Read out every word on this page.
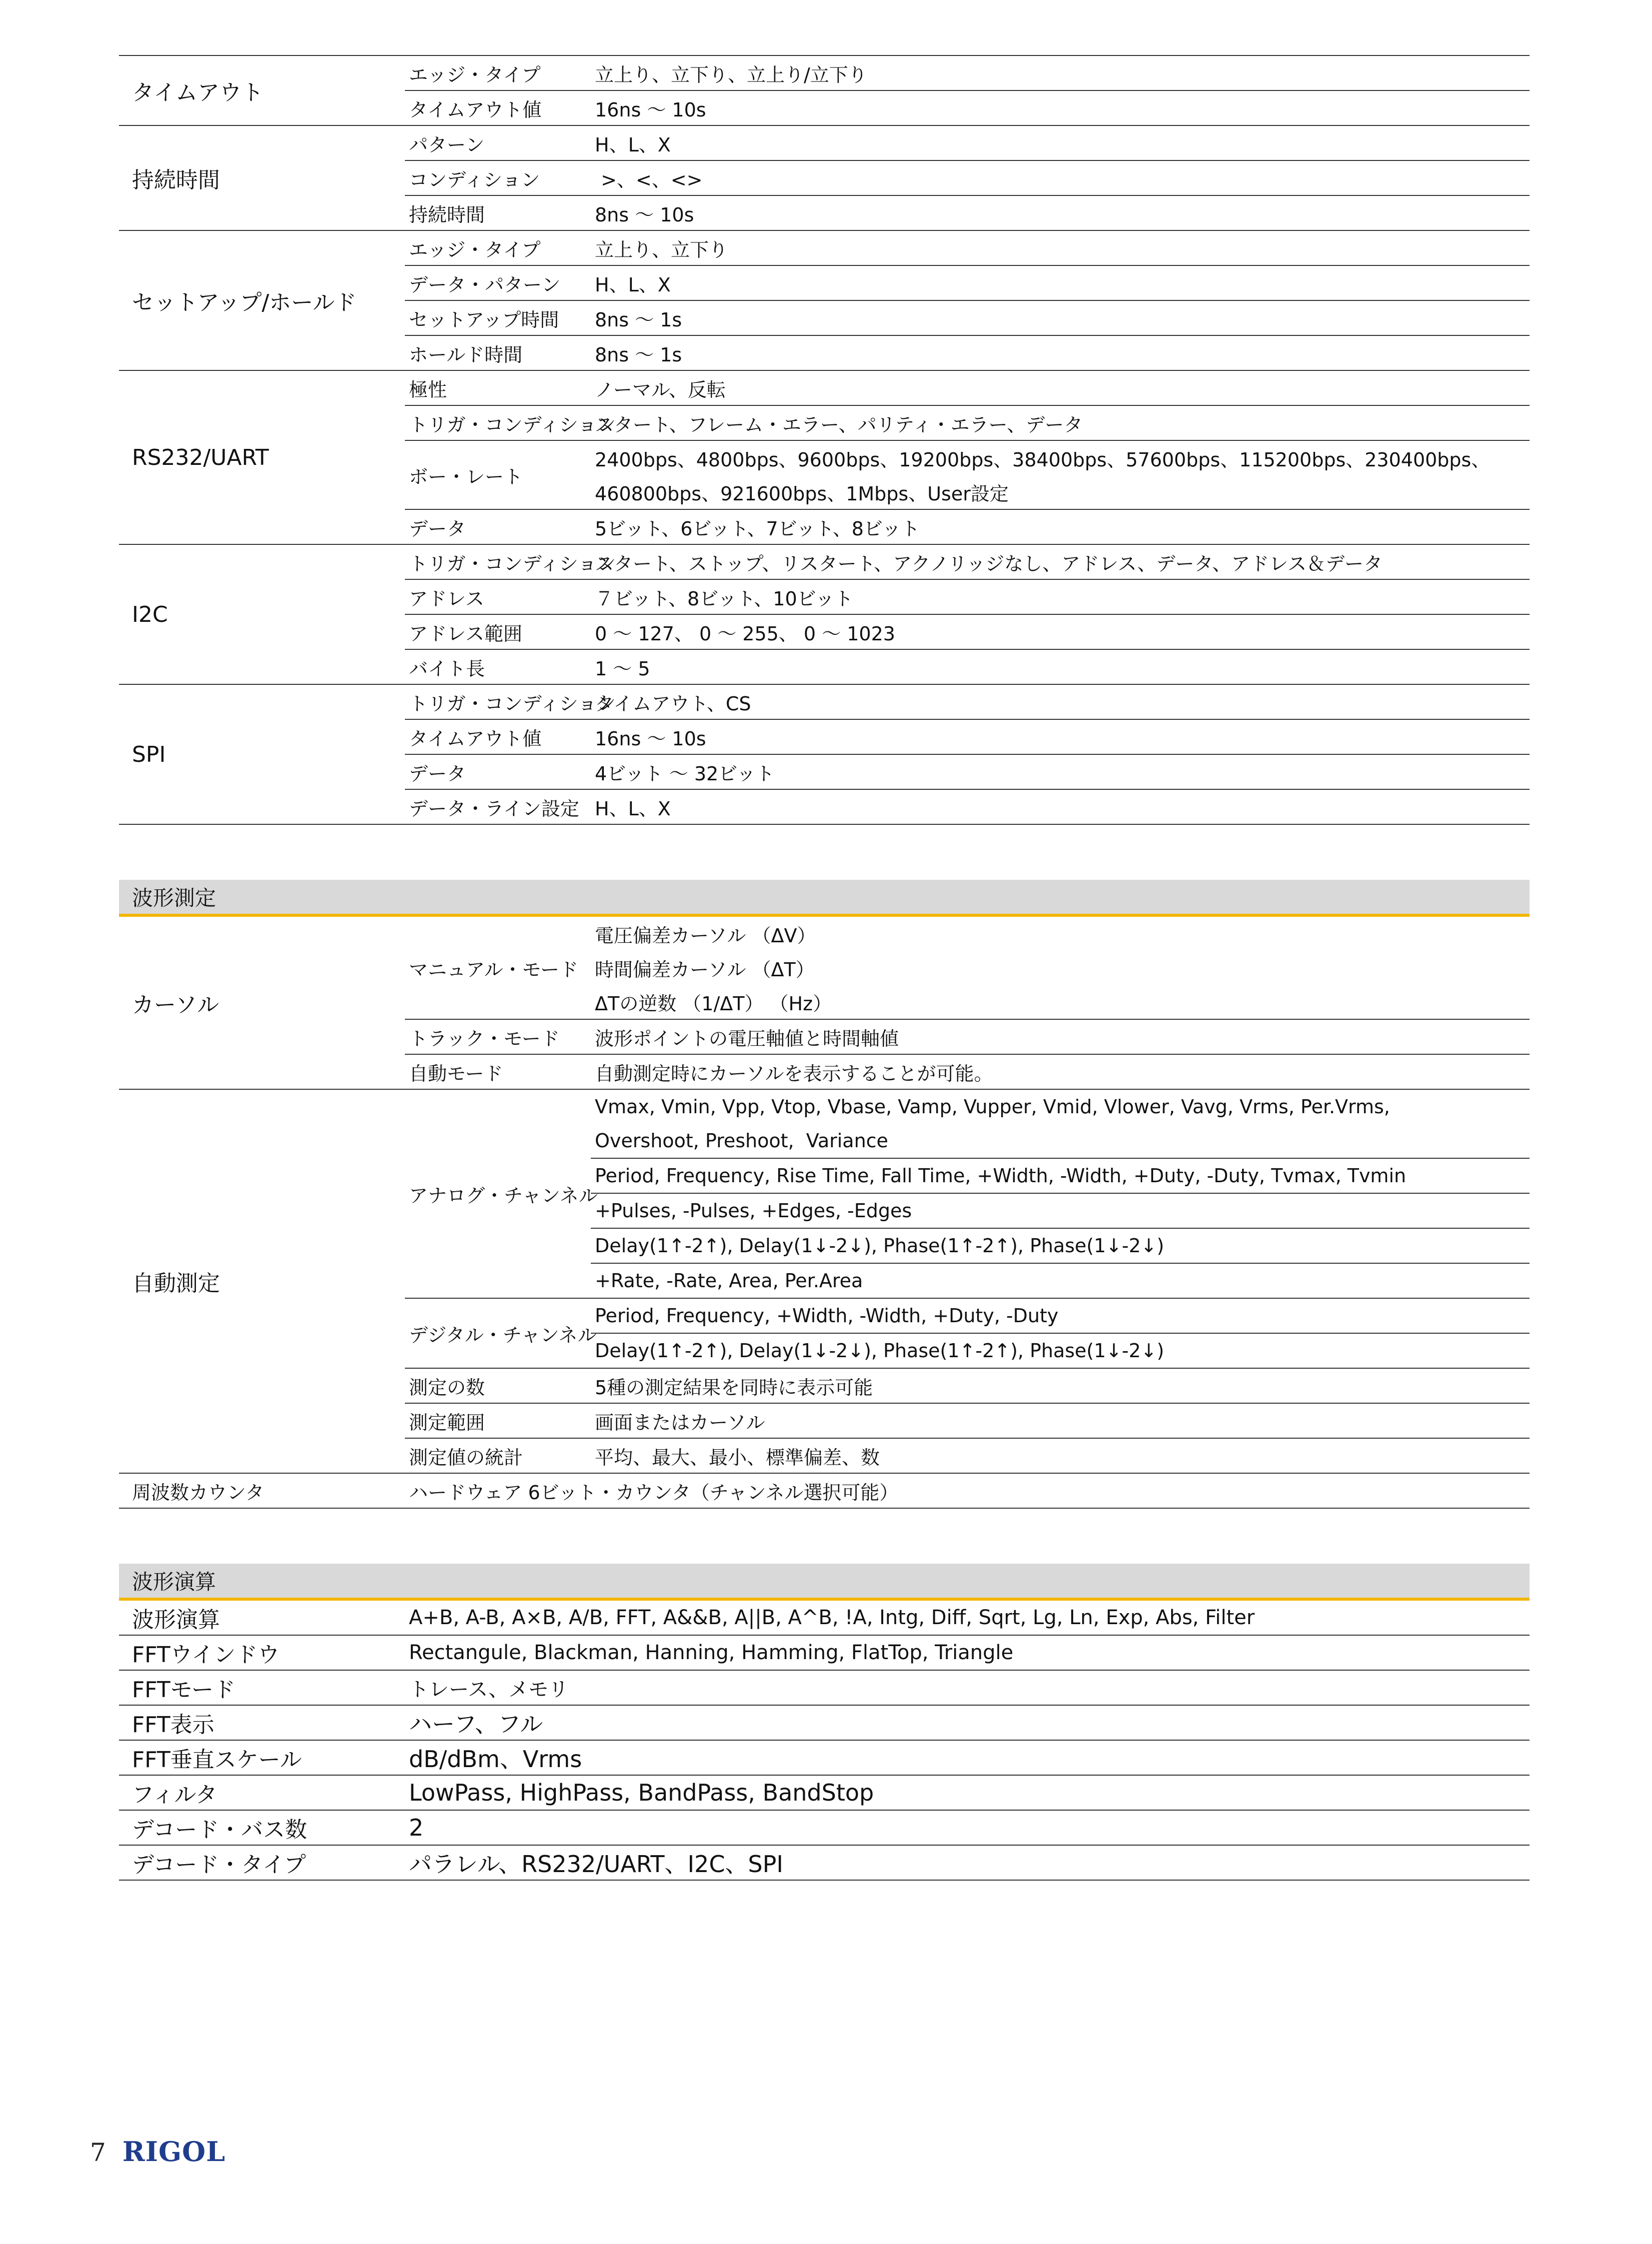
タイムアウト	エッジ・タイプ	立上り、立下り、立上り/立下り
	タイムアウト値	16ns ～ 10s
持続時間	パターン	H、L、X
	コンディション	>、<、<>
	持続時間	8ns ～ 10s
セットアップ/ホールド	エッジ・タイプ	立上り、立下り
	データ・パターン	H、L、X
	セットアップ時間	8ns ～ 1s
	ホールド時間	8ns ～ 1s
RS232/UART	極性	ノーマル、反転
	トリガ・コンディション	スタート、フレーム・エラー、パリティ・エラー、データ
	ボー・レート	2400bps、4800bps、9600bps、19200bps、38400bps、57600bps、115200bps、230400bps、
		460800bps、921600bps、1Mbps、User設定
	データ	5ビット、6ビット、7ビット、8ビット
I2C	トリガ・コンディション	スタート、ストップ、リスタート、アクノリッジなし、アドレス、データ、アドレス＆データ
	アドレス	７ビット、8ビット、10ビット
	アドレス範囲	0 ～ 127、 0 ～ 255、 0 ～ 1023
	バイト長	1 ～ 5
SPI	トリガ・コンディション	タイムアウト、CS
	タイムアウト値	16ns ～ 10s
	データ	4ビット ～ 32ビット
	データ・ライン設定	H、L、X
波形測定		
カーソル	マニュアル・モード	電圧偏差カーソル （ΔV）
		時間偏差カーソル （ΔT）
		ΔTの逆数 （1/ΔT） （Hz）
	トラック・モード	波形ポイントの電圧軸値と時間軸値
	自動モード	自動測定時にカーソルを表示することが可能。
自動測定	アナログ・チャンネル	Vmax, Vmin, Vpp, Vtop, Vbase, Vamp, Vupper, Vmid, Vlower, Vavg, Vrms, Per.Vrms,
		Overshoot, Preshoot,  Variance
		Period, Frequency, Rise Time, Fall Time, +Width, -Width, +Duty, -Duty, Tvmax, Tvmin
		+Pulses, -Pulses, +Edges, -Edges
		Delay(1↑-2↑), Delay(1↓-2↓), Phase(1↑-2↑), Phase(1↓-2↓)
		+Rate, -Rate, Area, Per.Area
	デジタル・チャンネル	Period, Frequency, +Width, -Width, +Duty, -Duty
		Delay(1↑-2↑), Delay(1↓-2↓), Phase(1↑-2↑), Phase(1↓-2↓)
	測定の数	5種の測定結果を同時に表示可能
	測定範囲	画面またはカーソル
	測定値の統計	平均、最大、最小、標準偏差、数
周波数カウンタ	ハードウェア 6ビット・カウンタ（チャンネル選択可能）	
波形演算	
波形演算	A+B, A-B, A×B, A/B, FFT, A&&B, A||B, A^B, !A, Intg, Diff, Sqrt, Lg, Ln, Exp, Abs, Filter
FFTウインドウ	Rectangule, Blackman, Hanning, Hamming, FlatTop, Triangle
FFTモード	トレース、メモリ
FFT表示	ハーフ、フル
FFT垂直スケール	dB/dBm、Vrms
フィルタ	LowPass, HighPass, BandPass, BandStop
デコード・バス数	2
デコード・タイプ	パラレル、RS232/UART、I2C、SPI
7 RIGOL
